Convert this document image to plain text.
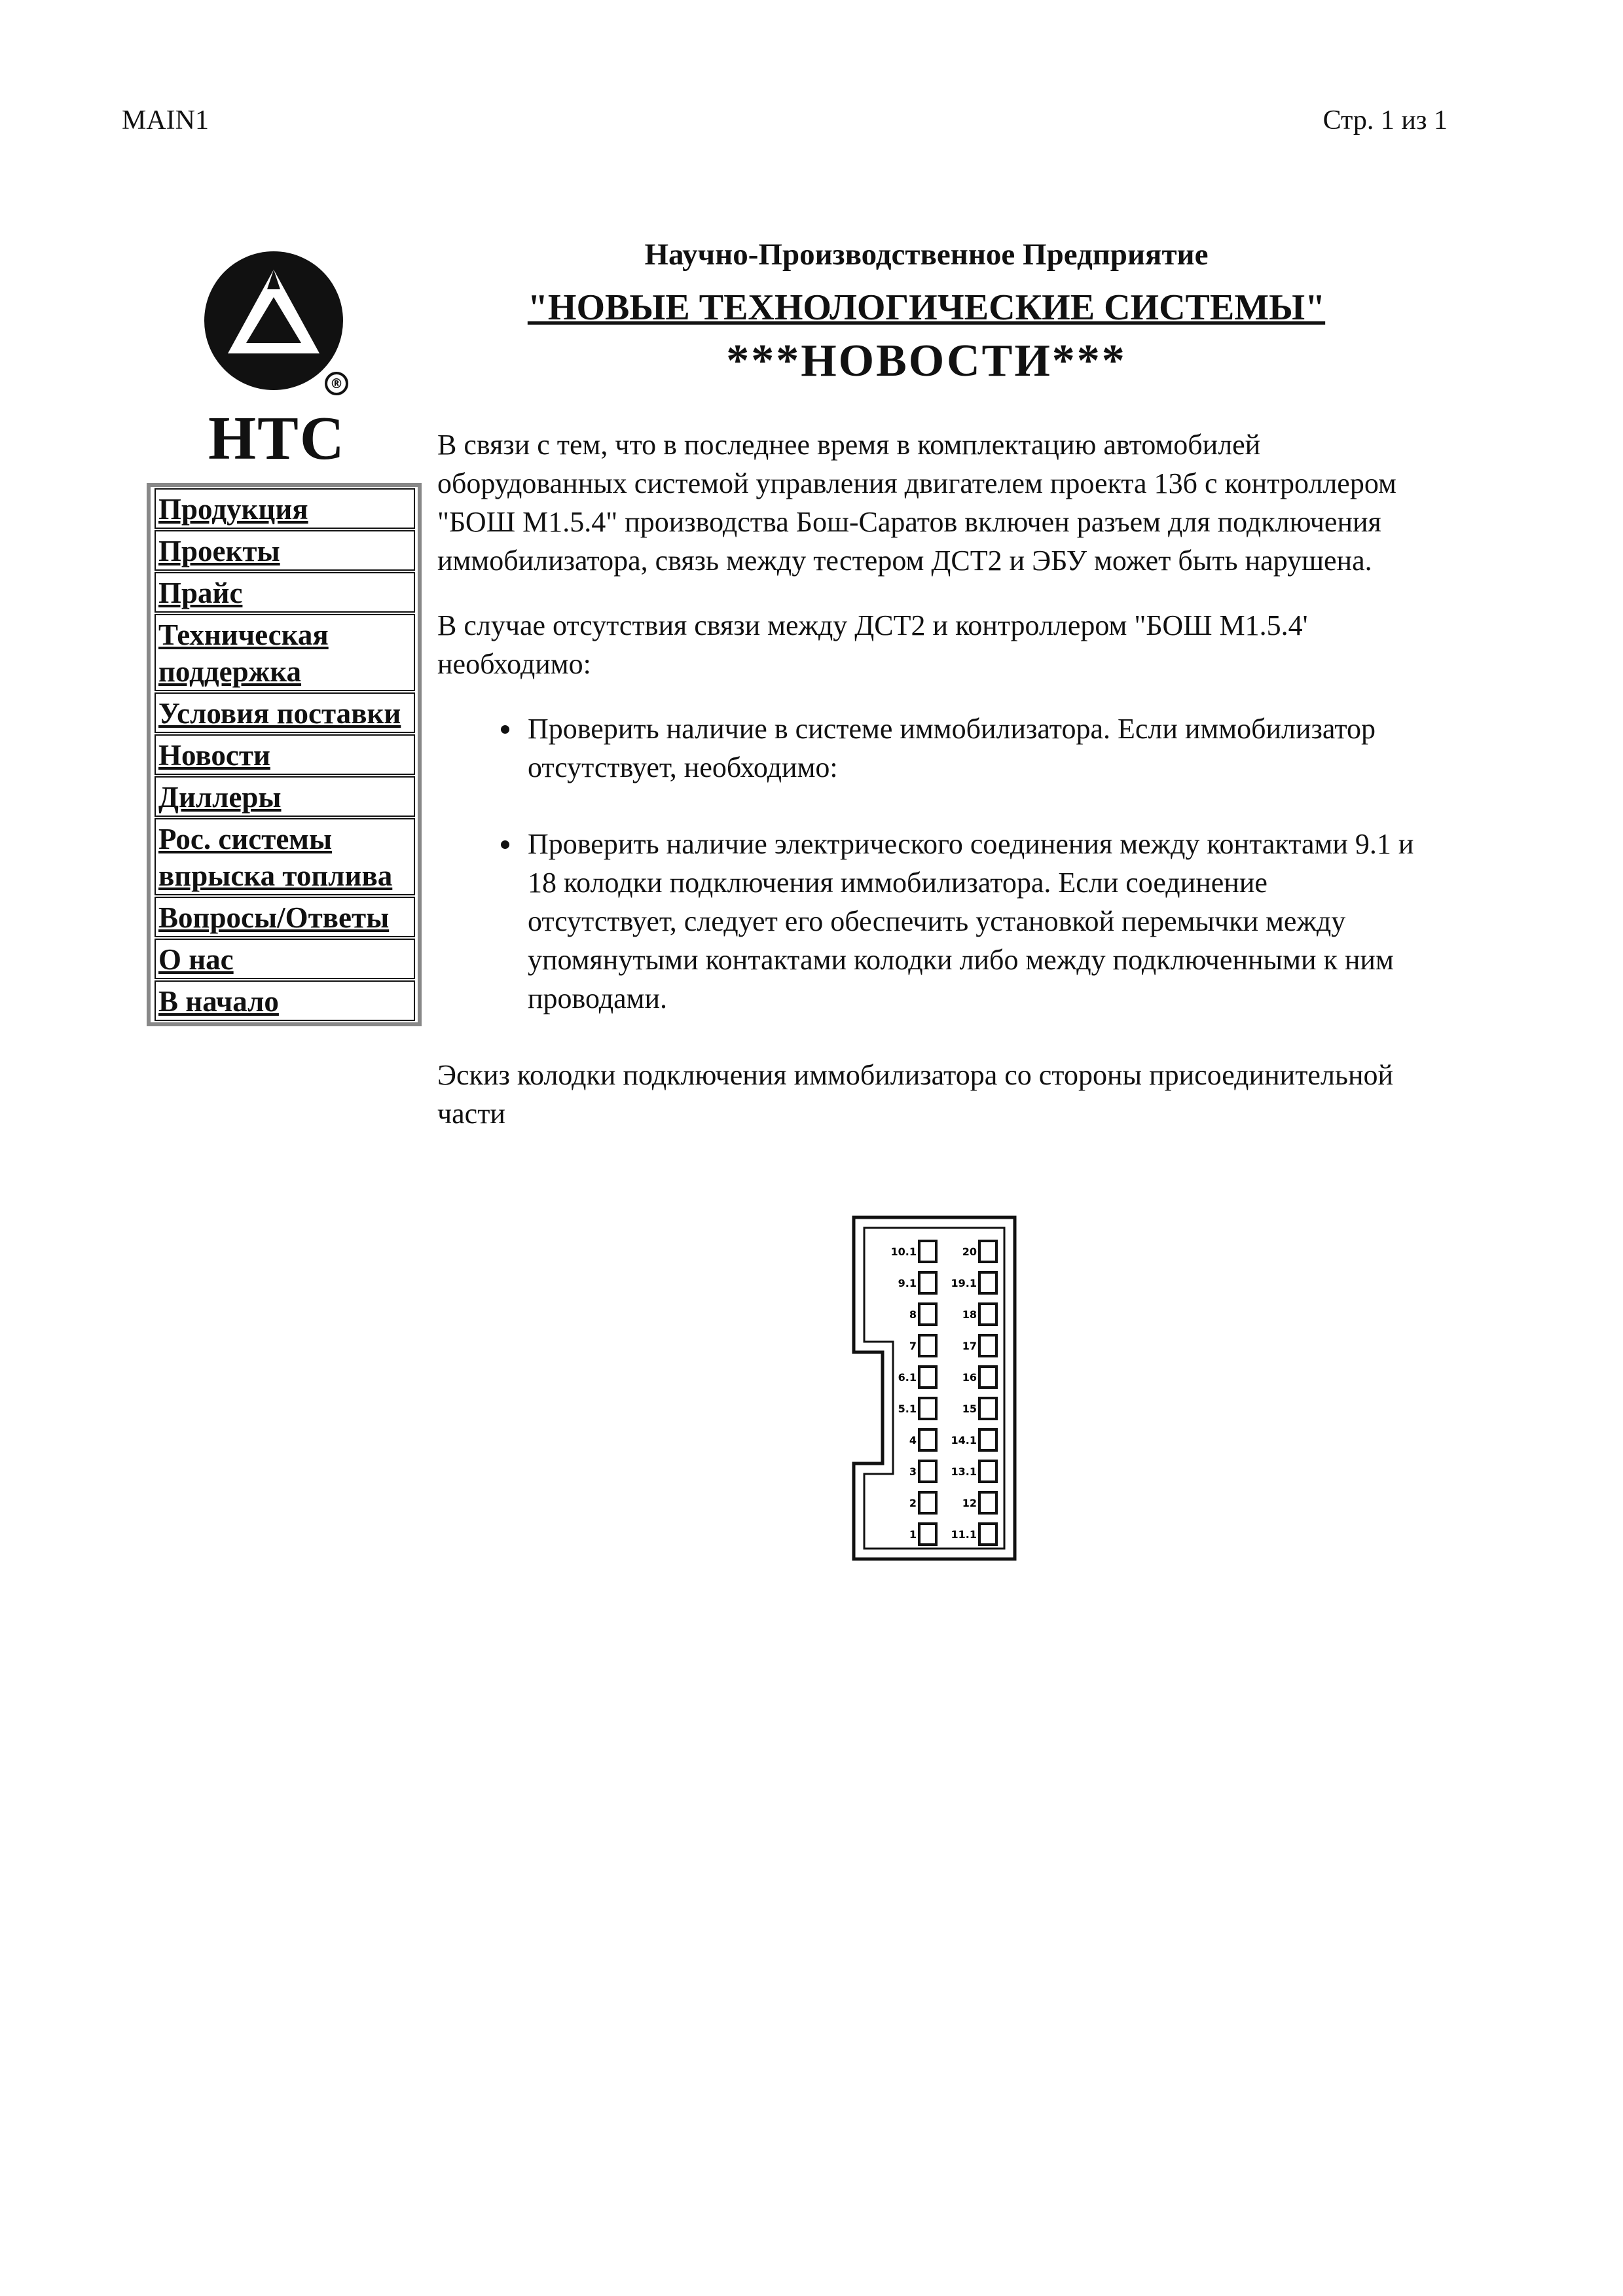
MAIN1	Стр. 1 из 1
®
НТС
Продукция
Проекты
Прайс
Техническая поддержка
Условия поставки
Новости
Диллеры
Рос. системы впрыска топлива
Вопросы/Ответы
О нас
В начало
Научно-Производственное Предприятие
"НОВЫЕ ТЕХНОЛОГИЧЕСКИЕ СИСТЕМЫ"
***НОВОСТИ***

В связи с тем, что в последнее время в комплектацию автомобилей оборудованных системой управления двигателем проекта 13б с контроллером "БОШ М1.5.4" производства Бош-Саратов включен разъем для подключения иммобилизатора, связь между тестером ДСТ2 и ЭБУ может быть нарушена.

В случае отсутствия связи между ДСТ2 и контроллером "БОШ М1.5.4' необходимо:

• Проверить наличие в системе иммобилизатора. Если иммобилизатор отсутствует, необходимо:
• Проверить наличие электрического соединения между контактами 9.1 и 18 колодки подключения иммобилизатора. Если соединение отсутствует, следует его обеспечить установкой перемычки между упомянутыми контактами колодки либо между подключенными к ним проводами.

Эскиз колодки подключения иммобилизатора со стороны присоединительной части

10.1	20
9.1	19.1
8	18
7	17
6.1	16
5.1	15
4	14.1
3	13.1
2	12
1	11.1
